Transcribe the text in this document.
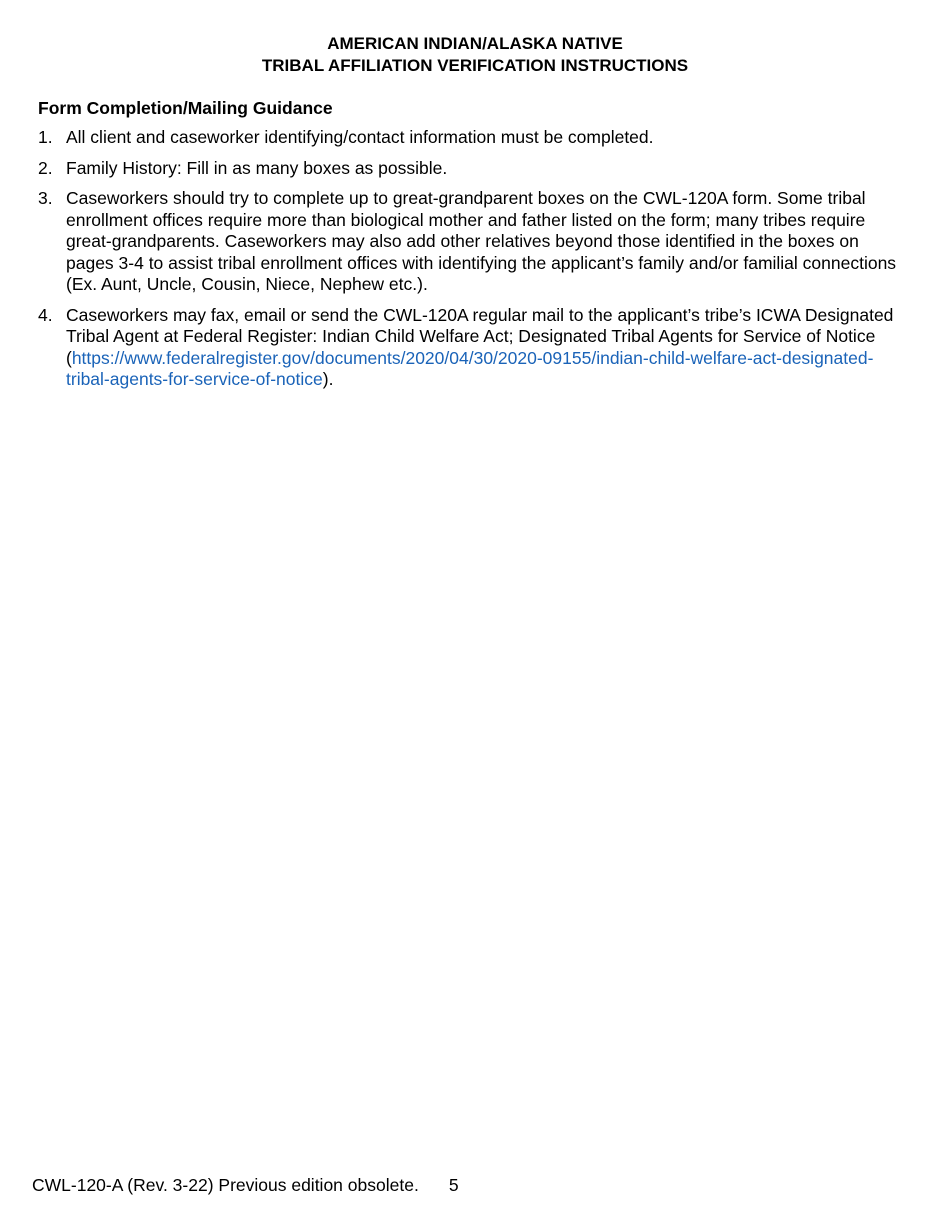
AMERICAN INDIAN/ALASKA NATIVE
TRIBAL AFFILIATION VERIFICATION INSTRUCTIONS
Form Completion/Mailing Guidance
1. All client and caseworker identifying/contact information must be completed.
2. Family History: Fill in as many boxes as possible.
3. Caseworkers should try to complete up to great-grandparent boxes on the CWL-120A form. Some tribal enrollment offices require more than biological mother and father listed on the form; many tribes require great-grandparents. Caseworkers may also add other relatives beyond those identified in the boxes on pages 3-4 to assist tribal enrollment offices with identifying the applicant’s family and/or familial connections (Ex. Aunt, Uncle, Cousin, Niece, Nephew etc.).
4. Caseworkers may fax, email or send the CWL-120A regular mail to the applicant’s tribe’s ICWA Designated Tribal Agent at Federal Register: Indian Child Welfare Act; Designated Tribal Agents for Service of Notice (https://www.federalregister.gov/documents/2020/04/30/2020-09155/indian-child-welfare-act-designated-tribal-agents-for-service-of-notice).
CWL-120-A (Rev. 3-22) Previous edition obsolete. 5
